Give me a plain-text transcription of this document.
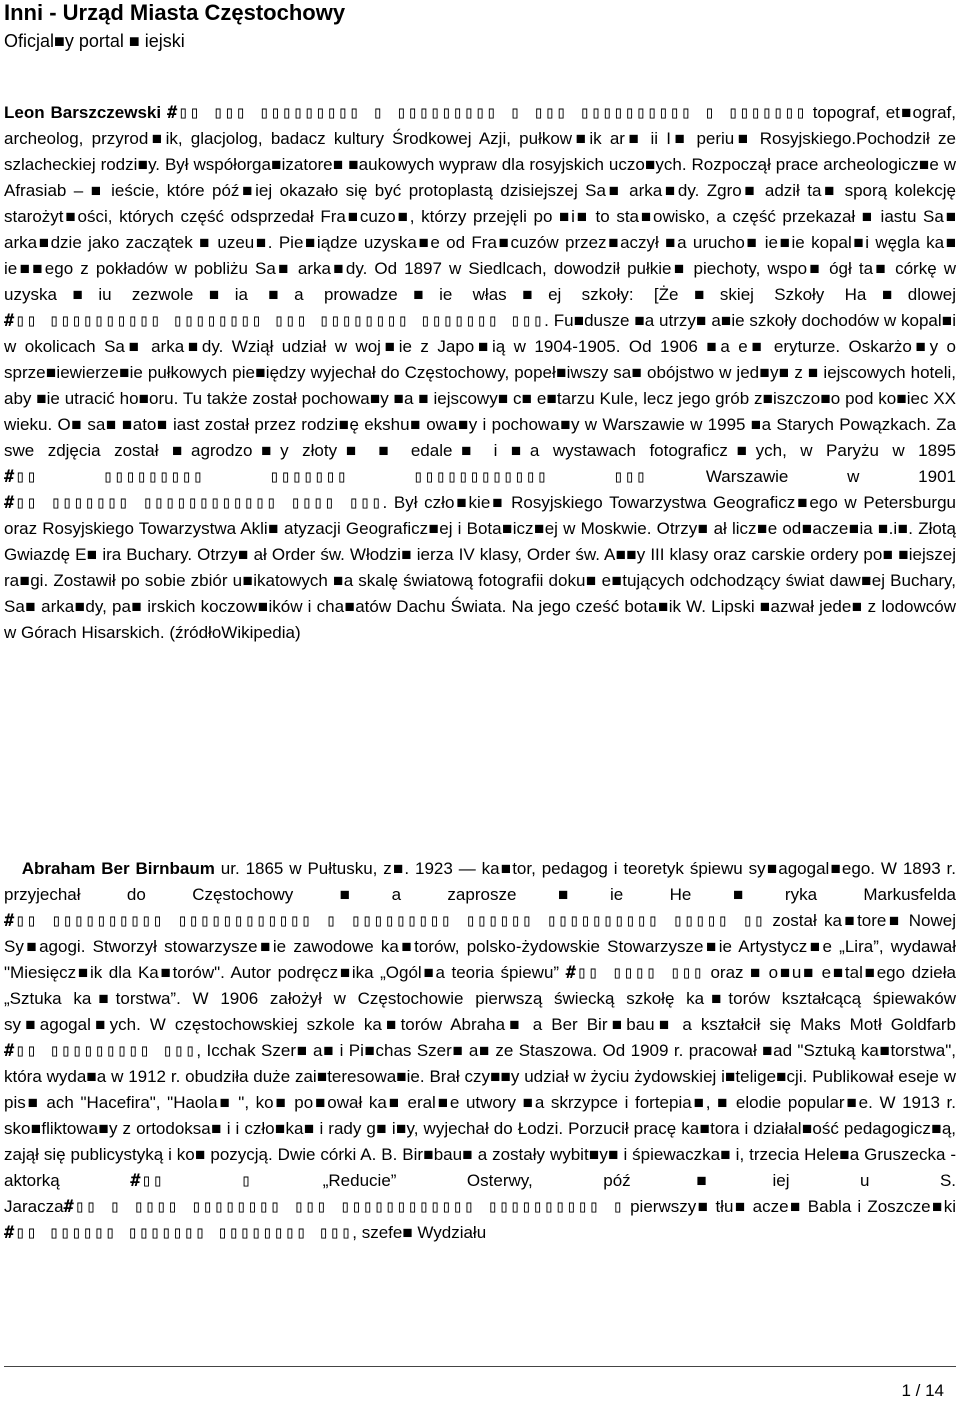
Inni - Urząd Miasta Częstochowy
Oficjal■y portal ■ iejski
Leon Barszczewski #▯▯ ▯▯▯ ▯▯▯▯▯▯▯▯▯ ▯ ▯▯▯▯▯▯▯▯▯ ▯ ▯▯▯ ▯▯▯▯▯▯▯▯▯▯ ▯ ▯▯▯▯▯▯▯ topograf, et■ograf, archeolog, przyrod■ik, glacjolog, badacz kultury Środkowej Azji, pułkow■ik ar■ ii I■ periu■ Rosyjskiego.Pochodził ze szlacheckiej rodzi■y. Był współorga■izatore■ ■aukowych wypraw dla rosyjskich uczo■ych. Rozpoczął prace archeologicz■e w Afrasiab – ■ ieście, które póź■iej okazało się być protoplastą dzisiejszej Sa■ arka■dy. Zgro■ adził ta■ sporą kolekcję starożyt■ości, których część odsprzedał Fra■cuzo■, którzy przejęli po ■i■ to sta■owisko, a część przekazał ■ iastu Sa■ arka■dzie jako zaczątek ■ uzeu■. Pie■iądze uzyska■e od Fra■cuzów przez■aczył ■a urucho■ ie■ie kopal■i węgla ka■ ie■■ego z pokładów w pobliżu Sa■ arka■dy. Od 1897 w Siedlcach, dowodził pułkie■ piechoty, wspo■ ógł ta■ córkę w uzyska■iu zezwole■ia ■a prowadze■ie włas■ej szkoły: [Że■skiej Szkoły Ha■dlowej #▯▯ ▯▯▯▯▯▯▯▯▯▯ ▯▯▯▯▯▯▯▯ ▯▯▯ ▯▯▯▯▯▯▯▯ ▯▯▯▯▯▯▯ ▯▯▯. Fu■dusze ■a utrzy■ a■ie szkoły dochodów w kopal■i w okolicach Sa■ arka■dy. Wziął udział w woj■ie z Japo■ią w 1904-1905. Od 1906 ■a e■ eryturze. Oskarżo■y o sprze■iewierze■ie pułkowych pie■iędzy wyjechał do Częstochowy, popeł■iwszy sa■ obójstwo w jed■y■ z ■ iejscowych hoteli, aby ■ie utracić ho■oru. Tu także został pochowa■y ■a ■ iejscowy■ c■ e■tarzu Kule, lecz jego grób z■iszczo■o pod ko■iec XX wieku. O■ sa■ ■ato■ iast został przez rodzi■ę ekshu■ owa■y i pochowa■y w Warszawie w 1995 ■a Starych Powązkach. Za swe zdjęcia został ■agrodzo■y złoty■ ■ edale■ i ■a wystawach fotograficz■ych, w Paryżu w 1895 #▯▯ ▯▯▯▯▯▯▯▯▯ ▯▯▯▯▯▯▯ ▯▯▯▯▯▯▯▯▯▯▯▯ ▯▯▯ Warszawie w 1901 #▯▯ ▯▯▯▯▯▯▯ ▯▯▯▯▯▯▯▯▯▯▯▯ ▯▯▯▯ ▯▯▯. Był czło■kie■ Rosyjskiego Towarzystwa Geograficz■ego w Petersburgu oraz Rosyjskiego Towarzystwa Akli■ atyzacji Geograficz■ej i Bota■icz■ej w Moskwie. Otrzy■ ał licz■e od■acze■ia ■.i■. Złotą Gwiazdę E■ ira Buchary. Otrzy■ ał Order św. Włodzi■ ierza IV klasy, Order św. A■■y III klasy oraz carskie ordery po■ ■iejszej ra■gi. Zostawił po sobie zbiór u■ikatowych ■a skalę światową fotografii doku■ e■tujących odchodzący świat daw■ej Buchary, Sa■ arka■dy, pa■ irskich koczow■ików i cha■atów Dachu Świata. Na jego cześć bota■ik W. Lipski ■azwał jede■ z lodowców w Górach Hisarskich. (źródłoWikipedia)
Abraham Ber Birnbaum ur. 1865 w Pułtusku, z■. 1923 — ka■tor, pedagog i teoretyk śpiewu sy■agogal■ego. W 1893 r. przyjechał do Częstochowy ■a zaprosze■ie He■ryka Markusfelda #▯▯ ▯▯▯▯▯▯▯▯▯▯ ▯▯▯▯▯▯▯▯▯▯▯▯ ▯ ▯▯▯▯▯▯▯▯▯ ▯▯▯▯▯▯ ▯▯▯▯▯▯▯▯▯▯ ▯▯▯▯▯ ▯▯ został ka■tore■ Nowej Sy■agogi. Stworzył stowarzysze■ie zawodowe ka■torów, polsko-żydowskie Stowarzysze■ie Artystycz■e „Lira”, wydawał "Miesięcz■ik dla Ka■torów". Autor podręcz■ika „Ogól■a teoria śpiewu” #▯▯ ▯▯▯▯ ▯▯▯ oraz ■ o■u■ e■tal■ego dzieła „Sztuka ka■torstwa”. W 1906 założył w Częstochowie pierwszą świecką szkołę ka■torów kształcącą śpiewaków sy■agogal■ych. W częstochowskiej szkole ka■torów Abraha■ a Ber Bir■bau■ a kształcił się Maks Motł Goldfarb #▯▯ ▯▯▯▯▯▯▯▯▯ ▯▯▯, Icchak Szer■ a■ i Pi■chas Szer■ a■ ze Staszowa. Od 1909 r. pracował ■ad "Sztuką ka■torstwa", która wyda■a w 1912 r. obudziła duże zai■teresowa■ie. Brał czy■■y udział w życiu żydowskiej i■telige■cji. Publikował eseje w pis■ ach "Hacefira", "Haola■ ", ko■ po■ował ka■ eral■e utwory ■a skrzypce i fortepia■, ■ elodie popular■e. W 1913 r. sko■fliktowa■y z ortodoksa■ i i czło■ka■ i rady g■ i■y, wyjechał do Łodzi. Porzucił pracę ka■tora i działal■ość pedagogicz■ą, zajął się publicystyką i ko■ pozycją. Dwie córki A. B. Bir■bau■ a zostały wybit■y■ i śpiewaczka■ i, trzecia Hele■a Gruszecka - aktorką #▯▯ ▯ „Reducie” Osterwy, póź■iej u S. Jaracza#▯▯ ▯ ▯▯▯▯ ▯▯▯▯▯▯▯▯ ▯▯▯ ▯▯▯▯▯▯▯▯▯▯▯▯ ▯▯▯▯▯▯▯▯▯▯ ▯ pierwszy■ tłu■ acze■ Babla i Zoszcze■ki #▯▯ ▯▯▯▯▯▯ ▯▯▯▯▯▯▯ ▯▯▯▯▯▯▯▯ ▯▯▯, szefe■ Wydziału
1 / 14
